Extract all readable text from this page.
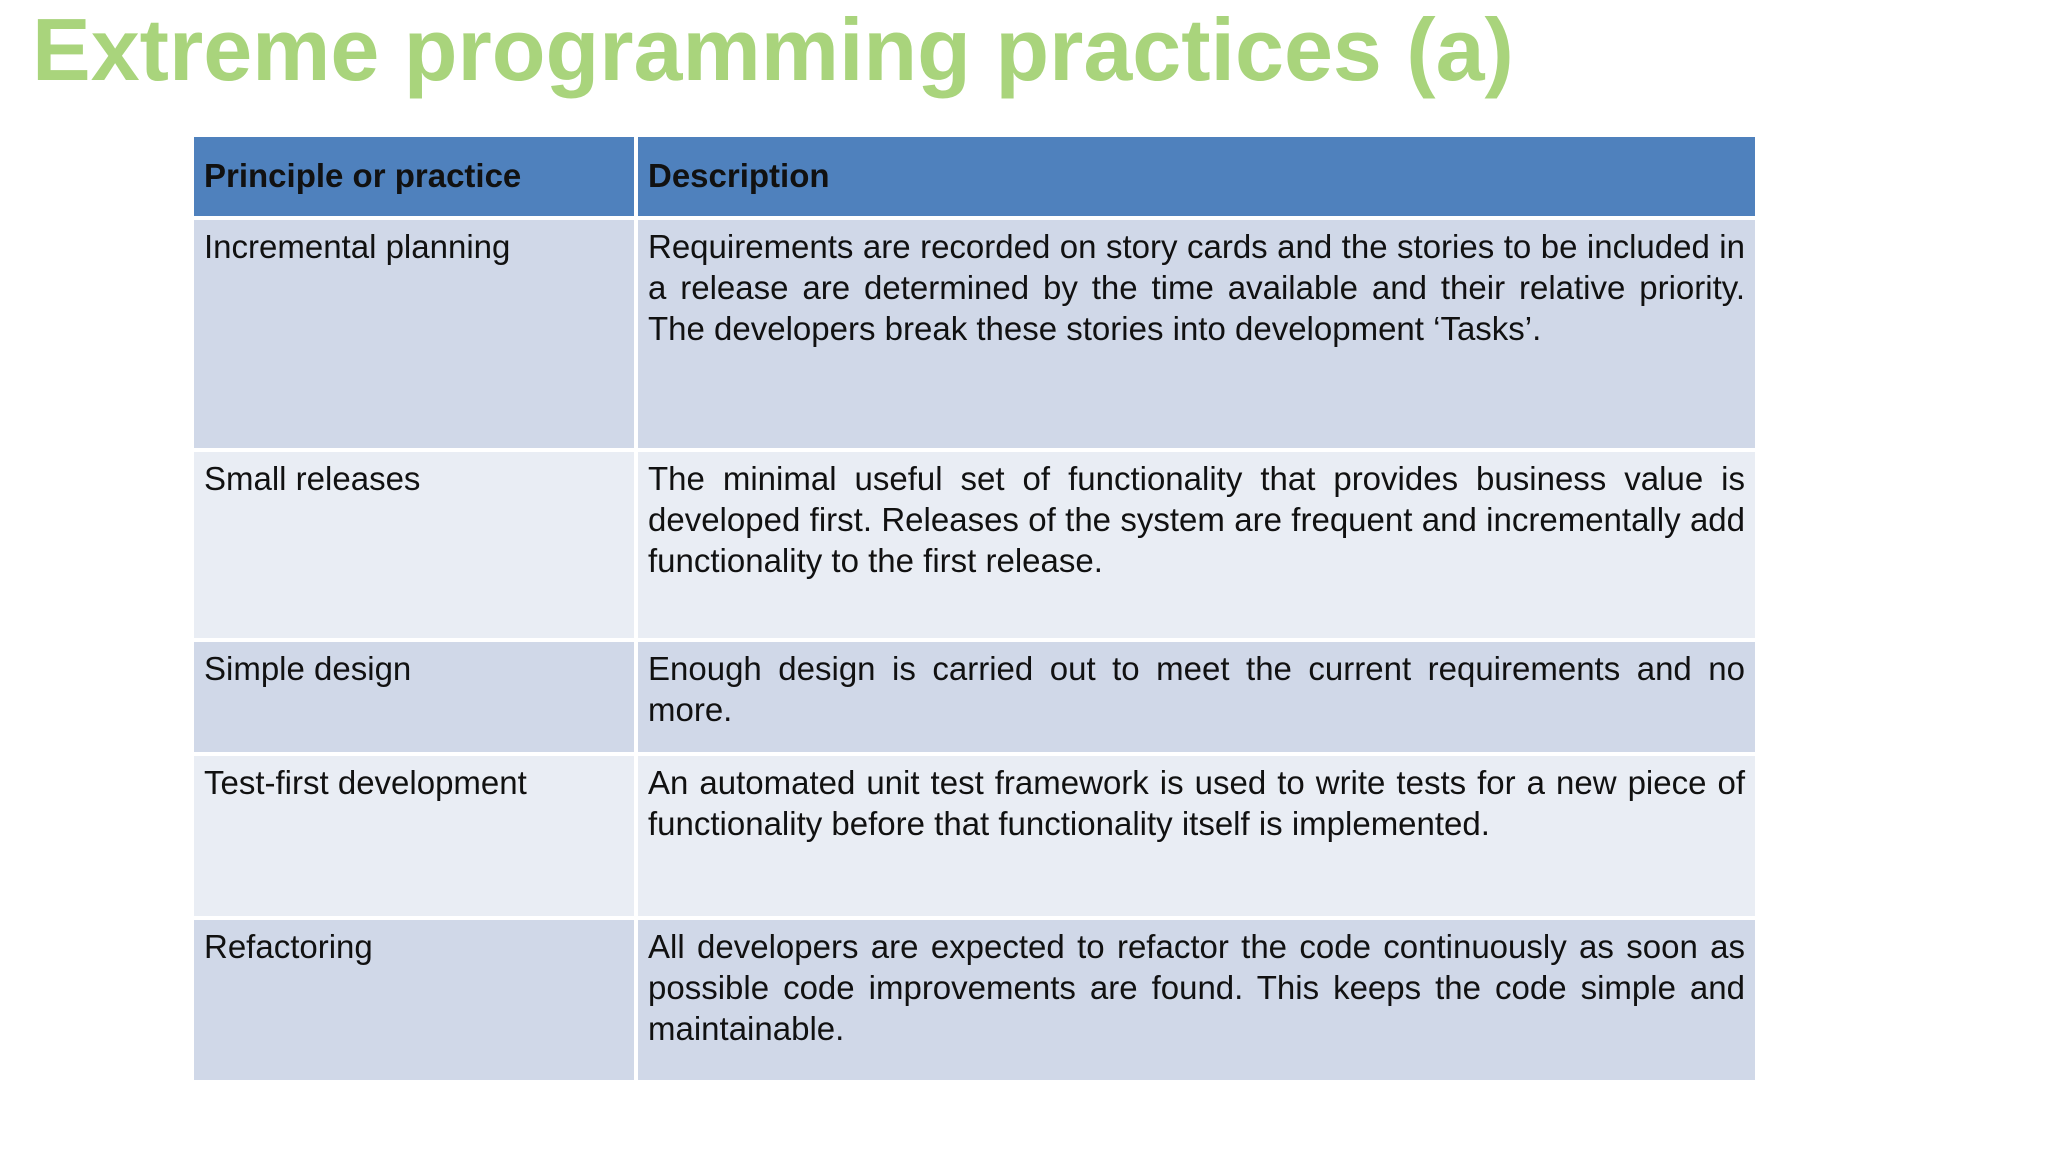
Extreme programming practices (a)
Principle or practice	Description
Incremental planning	Requirements are recorded on story cards and the stories to be included in a release are determined by the time available and their relative priority. The developers break these stories into development ‘Tasks’.
Small releases	The minimal useful set of functionality that provides business value is developed first. Releases of the system are frequent and incrementally add functionality to the first release.
Simple design	Enough design is carried out to meet the current requirements and no more.
Test-first development	An automated unit test framework is used to write tests for a new piece of functionality before that functionality itself is implemented.
Refactoring	All developers are expected to refactor the code continuously as soon as possible code improvements are found. This keeps the code simple and maintainable.
